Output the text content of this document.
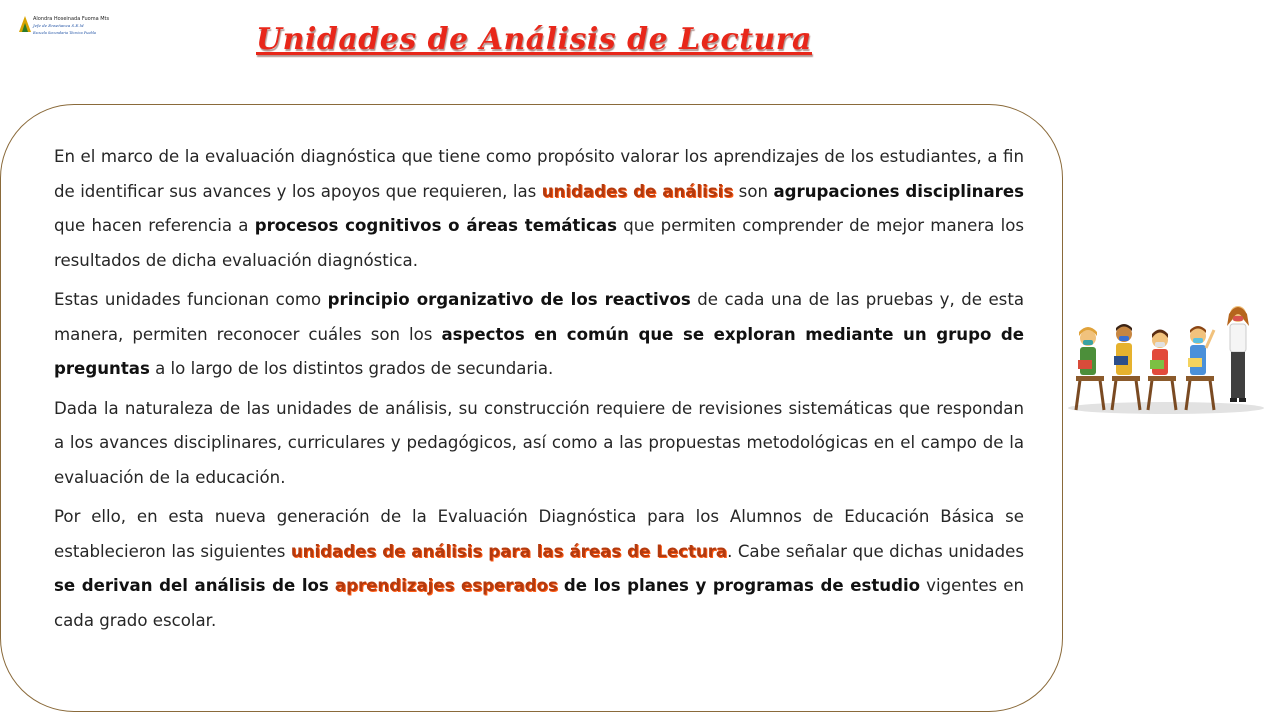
Alondra Hoseinada Fuoma Mts
Jefe de Enseñanza S.E.M
Escuela Secundaria Técnica Puebla	Unidades de Análisis de Lectura

En el marco de la evaluación diagnóstica que tiene como propósito valorar los aprendizajes de los estudiantes, a fin de identificar sus avances y los apoyos que requieren, las unidades de análisis son agrupaciones disciplinares que hacen referencia a procesos cognitivos o áreas temáticas que permiten comprender de mejor manera los resultados de dicha evaluación diagnóstica.

Estas unidades funcionan como principio organizativo de los reactivos de cada una de las pruebas y, de esta manera, permiten reconocer cuáles son los aspectos en común que se exploran mediante un grupo de preguntas a lo largo de los distintos grados de secundaria.

Dada la naturaleza de las unidades de análisis, su construcción requiere de revisiones sistemáticas que respondan a los avances disciplinares, curriculares y pedagógicos, así como a las propuestas metodológicas en el campo de la evaluación de la educación.

Por ello, en esta nueva generación de la Evaluación Diagnóstica para los Alumnos de Educación Básica se establecieron las siguientes unidades de análisis para las áreas de Lectura. Cabe señalar que dichas unidades se derivan del análisis de los aprendizajes esperados de los planes y programas de estudio vigentes en cada grado escolar.
